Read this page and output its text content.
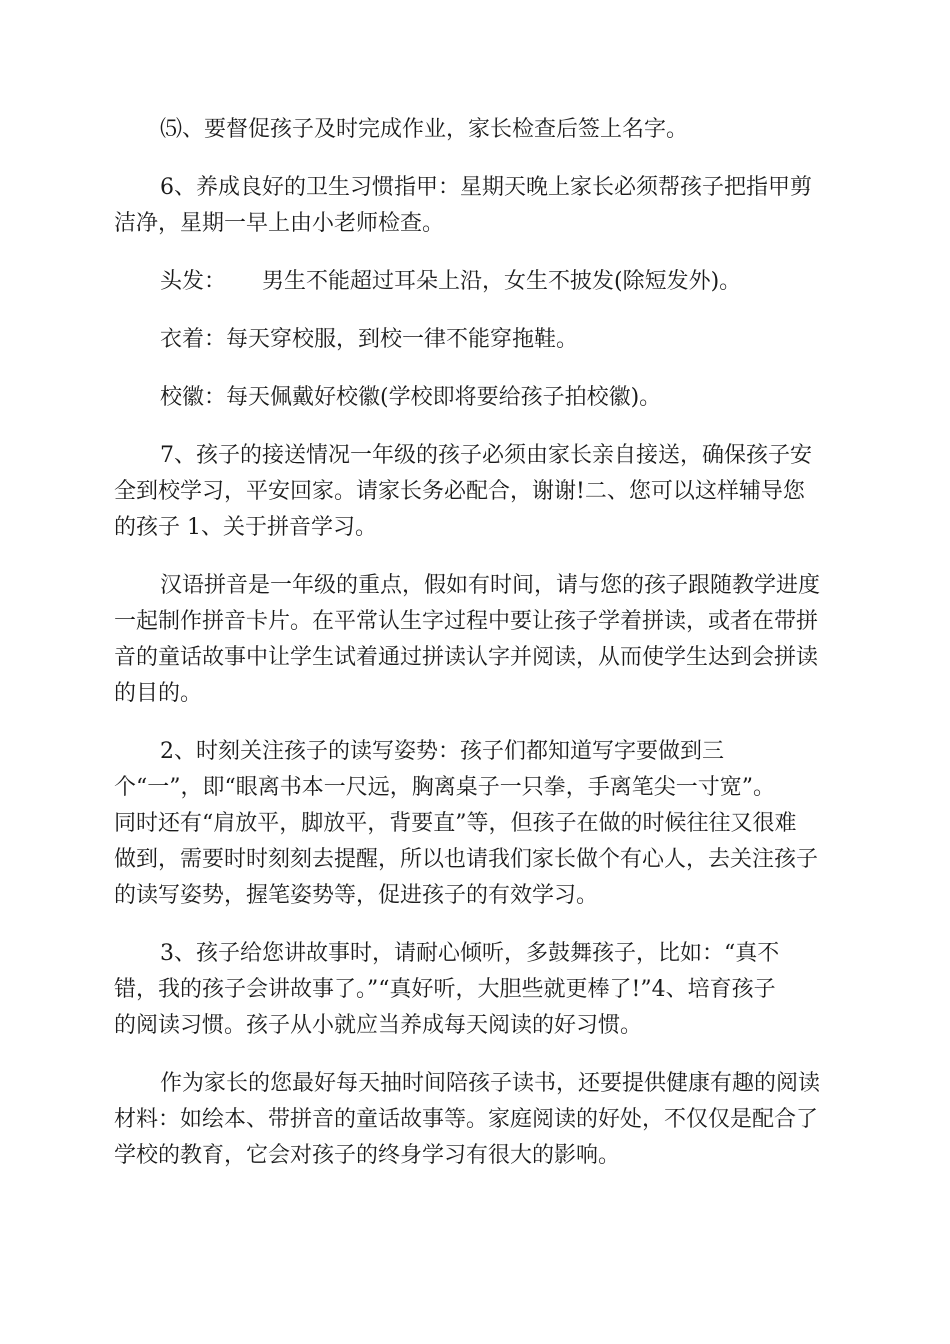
⑸、要督促孩子及时完成作业，家长检查后签上名字。

6、养成良好的卫生习惯指甲：星期天晚上家长必须帮孩子把指甲剪
洁净，星期一早上由小老师检查。

头发： 男生不能超过耳朵上沿，女生不披发(除短发外)。

衣着：每天穿校服，到校一律不能穿拖鞋。

校徽：每天佩戴好校徽(学校即将要给孩子拍校徽)。

7、孩子的接送情况一年级的孩子必须由家长亲自接送，确保孩子安
全到校学习，平安回家。请家长务必配合，谢谢!二、您可以这样辅导您
的孩子 1、关于拼音学习。

汉语拼音是一年级的重点，假如有时间，请与您的孩子跟随教学进度
一起制作拼音卡片。在平常认生字过程中要让孩子学着拼读，或者在带拼
音的童话故事中让学生试着通过拼读认字并阅读，从而使学生达到会拼读
的目的。

2、时刻关注孩子的读写姿势：孩子们都知道写字要做到三
个“一”，即“眼离书本一尺远，胸离桌子一只拳，手离笔尖一寸宽”。
同时还有“肩放平，脚放平，背要直”等，但孩子在做的时候往往又很难
做到，需要时时刻刻去提醒，所以也请我们家长做个有心人，去关注孩子
的读写姿势，握笔姿势等，促进孩子的有效学习。

3、孩子给您讲故事时，请耐心倾听，多鼓舞孩子，比如：“真不
错，我的孩子会讲故事了。”“真好听，大胆些就更棒了!”4、培育孩子
的阅读习惯。孩子从小就应当养成每天阅读的好习惯。

作为家长的您最好每天抽时间陪孩子读书，还要提供健康有趣的阅读
材料：如绘本、带拼音的童话故事等。家庭阅读的好处，不仅仅是配合了
学校的教育，它会对孩子的终身学习有很大的影响。
